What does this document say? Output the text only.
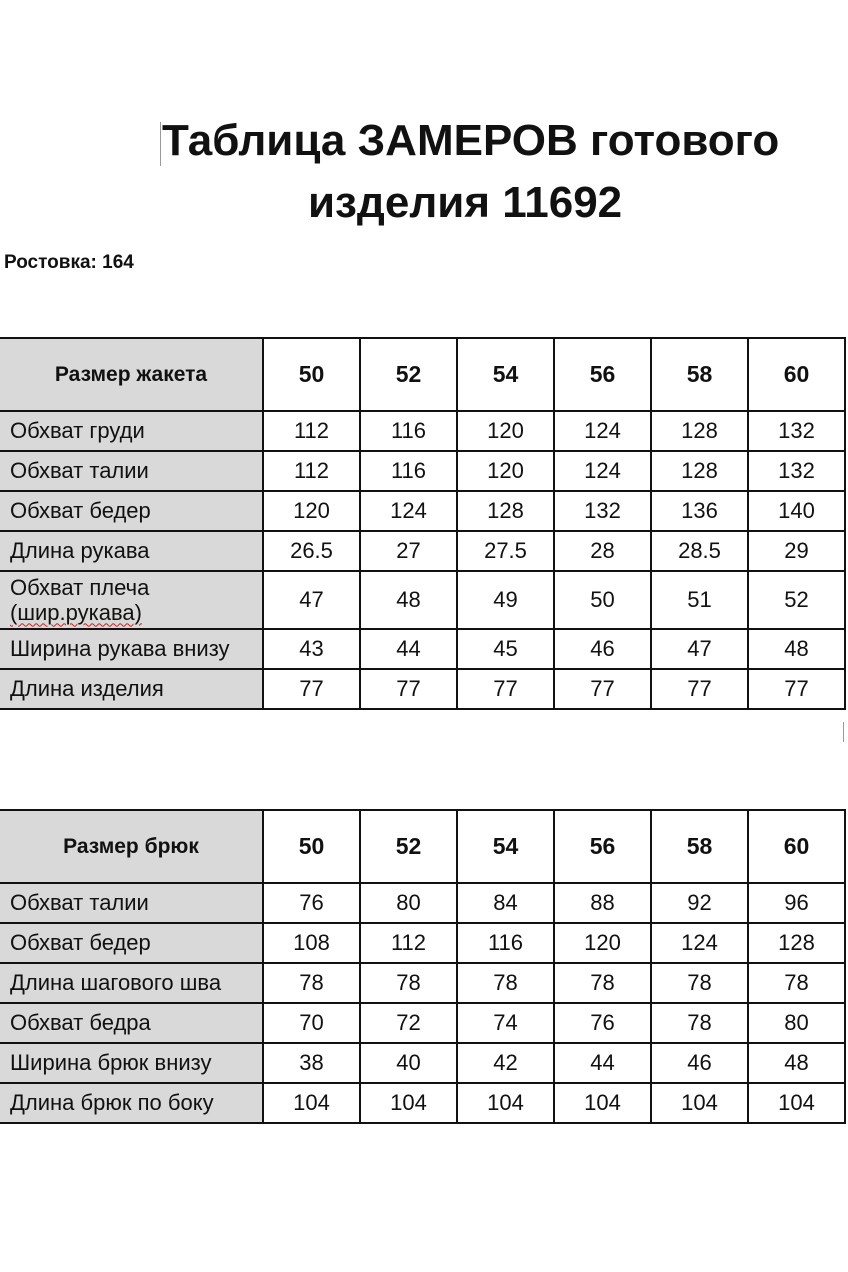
Таблица ЗАМЕРОВ готового
изделия 11692
Ростовка: 164
Размер жакета	50	52	54	56	58	60
Обхват груди	112	116	120	124	128	132
Обхват талии	112	116	120	124	128	132
Обхват бедер	120	124	128	132	136	140
Длина рукава	26.5	27	27.5	28	28.5	29
Обхват плеча
(шир.рукава)	47	48	49	50	51	52
Ширина рукава внизу	43	44	45	46	47	48
Длина изделия	77	77	77	77	77	77
Размер брюк	50	52	54	56	58	60
Обхват талии	76	80	84	88	92	96
Обхват бедер	108	112	116	120	124	128
Длина шагового шва	78	78	78	78	78	78
Обхват бедра	70	72	74	76	78	80
Ширина брюк внизу	38	40	42	44	46	48
Длина брюк по боку	104	104	104	104	104	104
